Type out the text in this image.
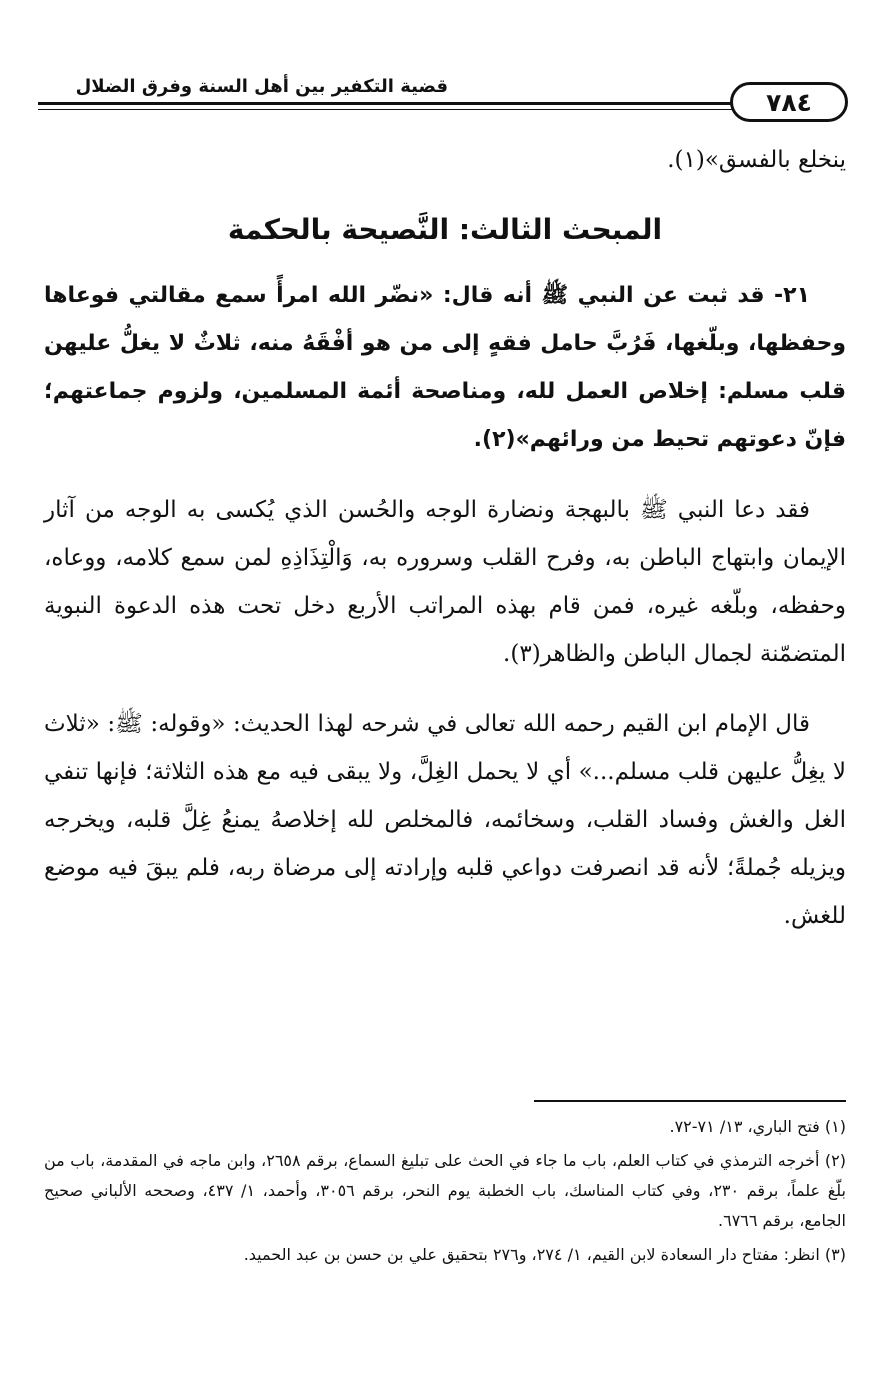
قضية التكفير بين أهل السنة وفرق الضلال
٧٨٤

ينخلع بالفسق»(١).

المبحث الثالث: النَّصيحة بالحكمة

٢١- قد ثبت عن النبي ﷺ أنه قال: «نضّر الله امرأً سمع مقالتي فوعاها وحفظها، وبلّغها، فَرُبَّ حامل فقهٍ إلى من هو أفْقَهُ منه، ثلاثٌ لا يغلُّ عليهن قلب مسلم: إخلاص العمل لله، ومناصحة أئمة المسلمين، ولزوم جماعتهم؛ فإنّ دعوتهم تحيط من ورائهم»(٢).

فقد دعا النبي ﷺ بالبهجة ونضارة الوجه والحُسن الذي يُكسى به الوجه من آثار الإيمان وابتهاج الباطن به، وفرح القلب وسروره به، وَالْتِذَاذِهِ لمن سمع كلامه، ووعاه، وحفظه، وبلّغه غيره، فمن قام بهذه المراتب الأربع دخل تحت هذه الدعوة النبوية المتضمّنة لجمال الباطن والظاهر(٣).

قال الإمام ابن القيم رحمه الله تعالى في شرحه لهذا الحديث: «وقوله: ﷺ: «ثلاث لا يغِلُّ عليهن قلب مسلم...» أي لا يحمل الغِلَّ، ولا يبقى فيه مع هذه الثلاثة؛ فإنها تنفي الغل والغش وفساد القلب، وسخائمه، فالمخلص لله إخلاصهُ يمنعُ غِلَّ قلبه، ويخرجه ويزيله جُملةً؛ لأنه قد انصرفت دواعي قلبه وإرادته إلى مرضاة ربه، فلم يبقَ فيه موضع للغش.

(١) فتح الباري، ١٣/ ٧١-٧٢.

(٢) أخرجه الترمذي في كتاب العلم، باب ما جاء في الحث على تبليغ السماع، برقم ٢٦٥٨، وابن ماجه في المقدمة، باب من بلّغ علماً، برقم ٢٣٠، وفي كتاب المناسك، باب الخطبة يوم النحر، برقم ٣٠٥٦، وأحمد، ١/ ٤٣٧، وصححه الألباني صحيح الجامع، برقم ٦٧٦٦.

(٣) انظر: مفتاح دار السعادة لابن القيم، ١/ ٢٧٤، و٢٧٦ بتحقيق علي بن حسن بن عبد الحميد.
